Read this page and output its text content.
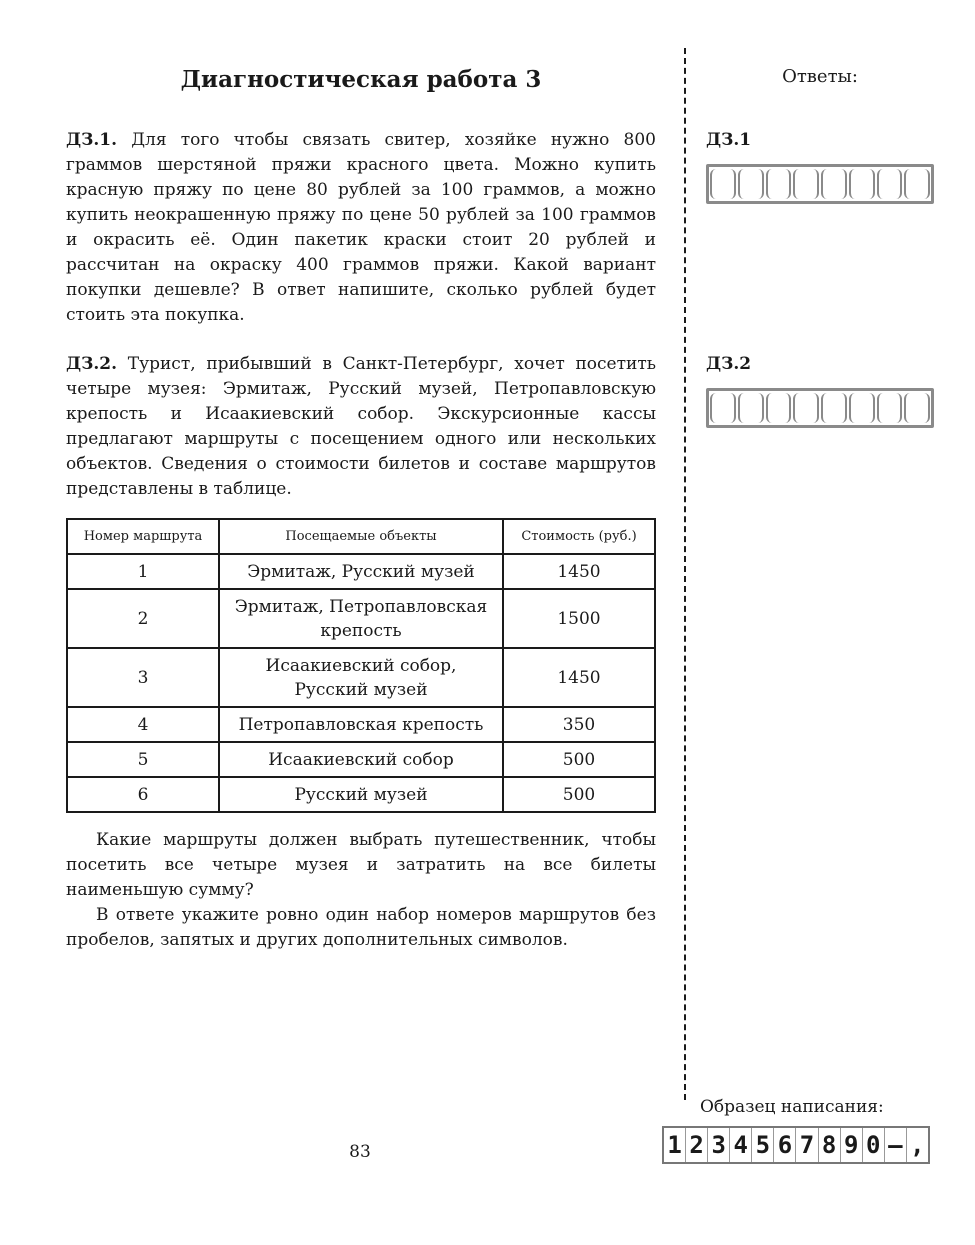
Диагностическая работа 3

ДЗ.1. Для того чтобы связать свитер, хозяйке нужно 800 граммов шерстяной пряжи красного цвета. Можно купить красную пряжу по цене 80 рублей за 100 граммов, а можно купить неокрашенную пряжу по цене 50 рублей за 100 граммов и окрасить её. Один пакетик краски стоит 20 рублей и рассчитан на окраску 400 граммов пряжи. Какой вариант покупки дешевле? В ответ напишите, сколько рублей будет стоить эта покупка.

ДЗ.2. Турист, прибывший в Санкт-Петербург, хочет посетить четыре музея: Эрмитаж, Русский музей, Петропавловскую крепость и Исаакиевский собор. Экскурсионные кассы предлагают маршруты с посещением одного или нескольких объектов. Сведения о стоимости билетов и составе маршрутов представлены в таблице.

Номер маршрута	Посещаемые объекты	Стоимость (руб.)
1	Эрмитаж, Русский музей	1450
2	Эрмитаж, Петропавловская крепость	1500
3	Исаакиевский собор, Русский музей	1450
4	Петропавловская крепость	350
5	Исаакиевский собор	500
6	Русский музей	500

Какие маршруты должен выбрать путешественник, чтобы посетить все четыре музея и затратить на все билеты наименьшую сумму?

В ответе укажите ровно один набор номеров маршрутов без пробелов, запятых и других дополнительных символов.

Ответы:
ДЗ.1
ДЗ.2
Образец написания:
1 2 3 4 5 6 7 8 9 0 – ,
83
